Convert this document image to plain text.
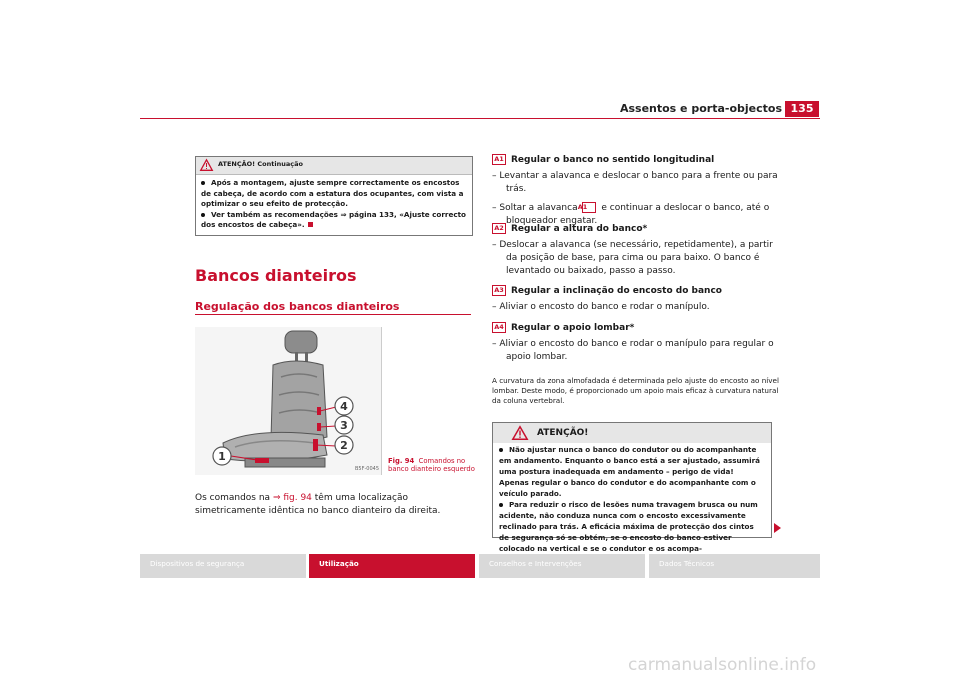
Assentos e porta-objectos 135
ATENÇÃO! Continuação
Após a montagem, ajuste sempre correctamente os encostos de cabeça, de acordo com a estatura dos ocupantes, com vista a optimizar o seu efeito de protecção.
Ver também as recomendações ⇒ página 133, «Ajuste correcto dos encostos de cabeça».
Bancos dianteiros
Regulação dos bancos dianteiros
1
2
3
4
B5F-0045
Fig. 94 Comandos no
banco dianteiro esquerdo
Os comandos na ⇒ fig. 94 têm uma localização simetricamente idêntica no banco dianteiro da direita.
A1 Regular o banco no sentido longitudinal
– Levantar a alavanca e deslocar o banco para a frente ou para trás.
– Soltar a alavanca A1 e continuar a deslocar o banco, até o bloqueador engatar.
A2 Regular a altura do banco*
– Deslocar a alavanca (se necessário, repetidamente), a partir da posição de base, para cima ou para baixo. O banco é levantado ou baixado, passo a passo.
A3 Regular a inclinação do encosto do banco
– Aliviar o encosto do banco e rodar o manípulo.
A4 Regular o apoio lombar*
– Aliviar o encosto do banco e rodar o manípulo para regular o apoio lombar.
A curvatura da zona almofadada é determinada pelo ajuste do encosto ao nível lombar. Deste modo, é proporcionado um apoio mais eficaz à curvatura natural da coluna vertebral.
ATENÇÃO!
Não ajustar nunca o banco do condutor ou do acompanhante em andamento. Enquanto o banco está a ser ajustado, assumirá uma postura inadequada em andamento – perigo de vida! Apenas regular o banco do condutor e do acompanhante com o veículo parado.
Para reduzir o risco de lesões numa travagem brusca ou num acidente, não conduza nunca com o encosto excessivamente reclinado para trás. A eficácia máxima de protecção dos cintos de segurança só se obtém, se o encosto do banco estiver colocado na vertical e se o condutor e os acompa-
Dispositivos de segurança	Utilização	Conselhos e Intervenções	Dados Técnicos
carmanualsonline.info
